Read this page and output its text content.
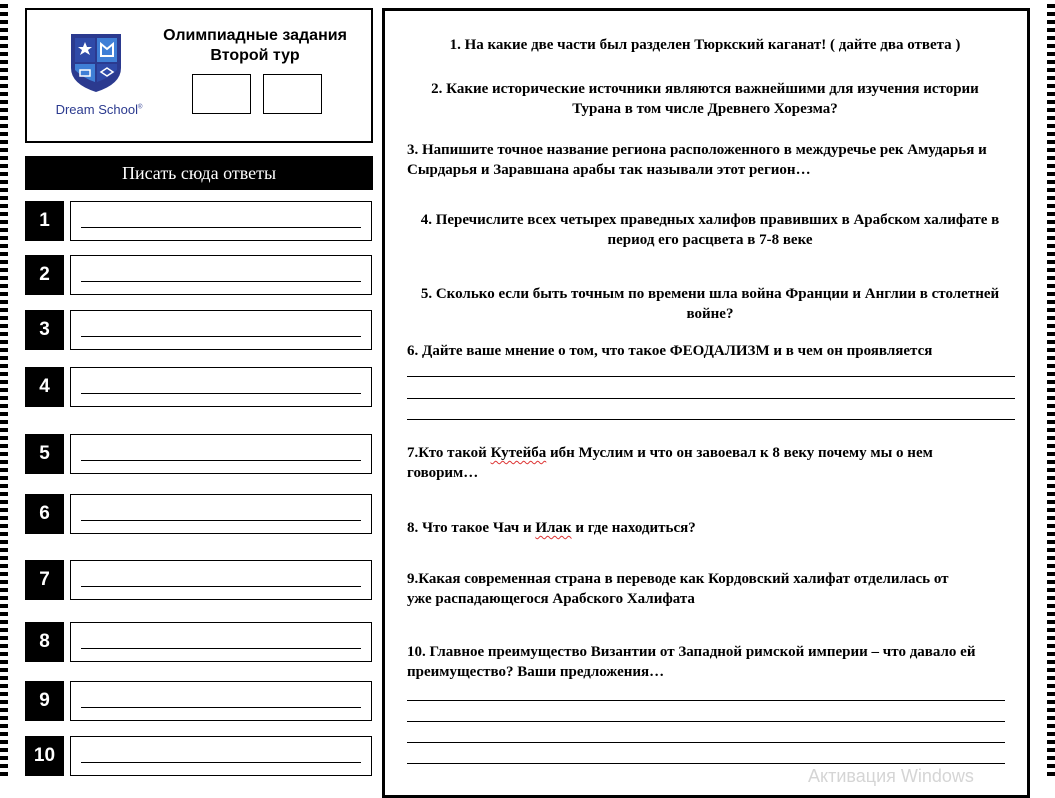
Dream School®
Олимпиадные задания
Второй тур
Писать сюда ответы
1
2
3
4
5
6
7
8
9
10

1. На какие две части был разделен Тюркский каганат! ( дайте два ответа )

2. Какие исторические источники являются важнейшими для изучения истории Турана в том числе Древнего Хорезма?

3. Напишите точное название региона расположенного в междуречье рек Амударья и Сырдарья и Заравшана арабы так называли этот регион…

4. Перечислите всех четырех праведных халифов правивших в Арабском халифате в период его расцвета в 7-8 веке

5. Сколько если быть точным по времени шла война Франции и Англии в столетней войне?

6. Дайте ваше мнение о том, что такое ФЕОДАЛИЗМ и в чем он проявляется

7.Кто такой Кутейба ибн Муслим и что он завоевал к 8 веку почему мы о нем говорим…

8. Что такое Чач и Илак и где находиться?

9.Какая современная страна в переводе как Кордовский халифат отделилась от уже распадающегося Арабского Халифата

10. Главное преимущество Византии от Западной римской империи – что давало ей преимущество? Ваши предложения…

Активация Windows
